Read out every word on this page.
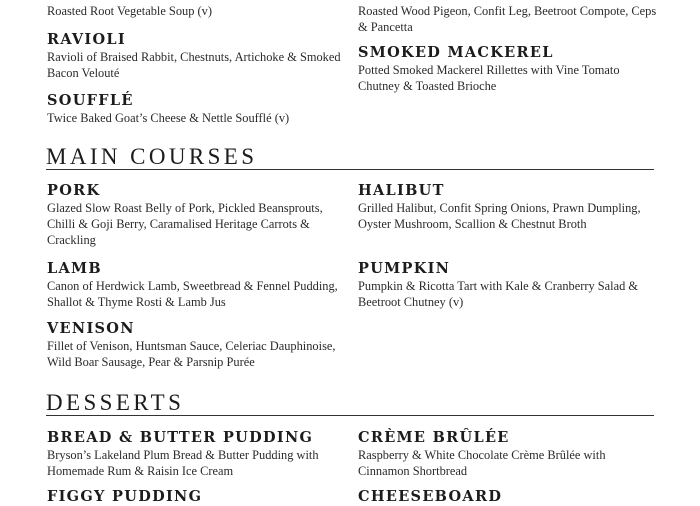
Roasted Root Vegetable Soup (v)	Roasted Wood Pigeon, Confit Leg, Beetroot Compote, Ceps & Pancetta
RAVIOLI
Ravioli of Braised Rabbit, Chestnuts, Artichoke & Smoked Bacon Velouté
SMOKED MACKEREL
Potted Smoked Mackerel Rillettes with Vine Tomato Chutney & Toasted Brioche
SOUFFLÉ
Twice Baked Goat’s Cheese & Nettle Soufflé (v)
MAIN COURSES
PORK
Glazed Slow Roast Belly of Pork, Pickled Beansprouts, Chilli & Goji Berry, Caramalised Heritage Carrots & Crackling
HALIBUT
Grilled Halibut, Confit Spring Onions, Prawn Dumpling, Oyster Mushroom, Scallion & Chestnut Broth
LAMB
Canon of Herdwick Lamb, Sweetbread & Fennel Pudding, Shallot & Thyme Rosti & Lamb Jus
PUMPKIN
Pumpkin & Ricotta Tart with Kale & Cranberry Salad & Beetroot Chutney (v)
VENISON
Fillet of Venison, Huntsman Sauce, Celeriac Dauphinoise, Wild Boar Sausage, Pear & Parsnip Purée
DESSERTS
BREAD & BUTTER PUDDING
Bryson’s Lakeland Plum Bread & Butter Pudding with Homemade Rum & Raisin Ice Cream
CRÈME BRÛLÉE
Raspberry & White Chocolate Crème Brûlée with Cinnamon Shortbread
FIGGY PUDDING	CHEESEBOARD
